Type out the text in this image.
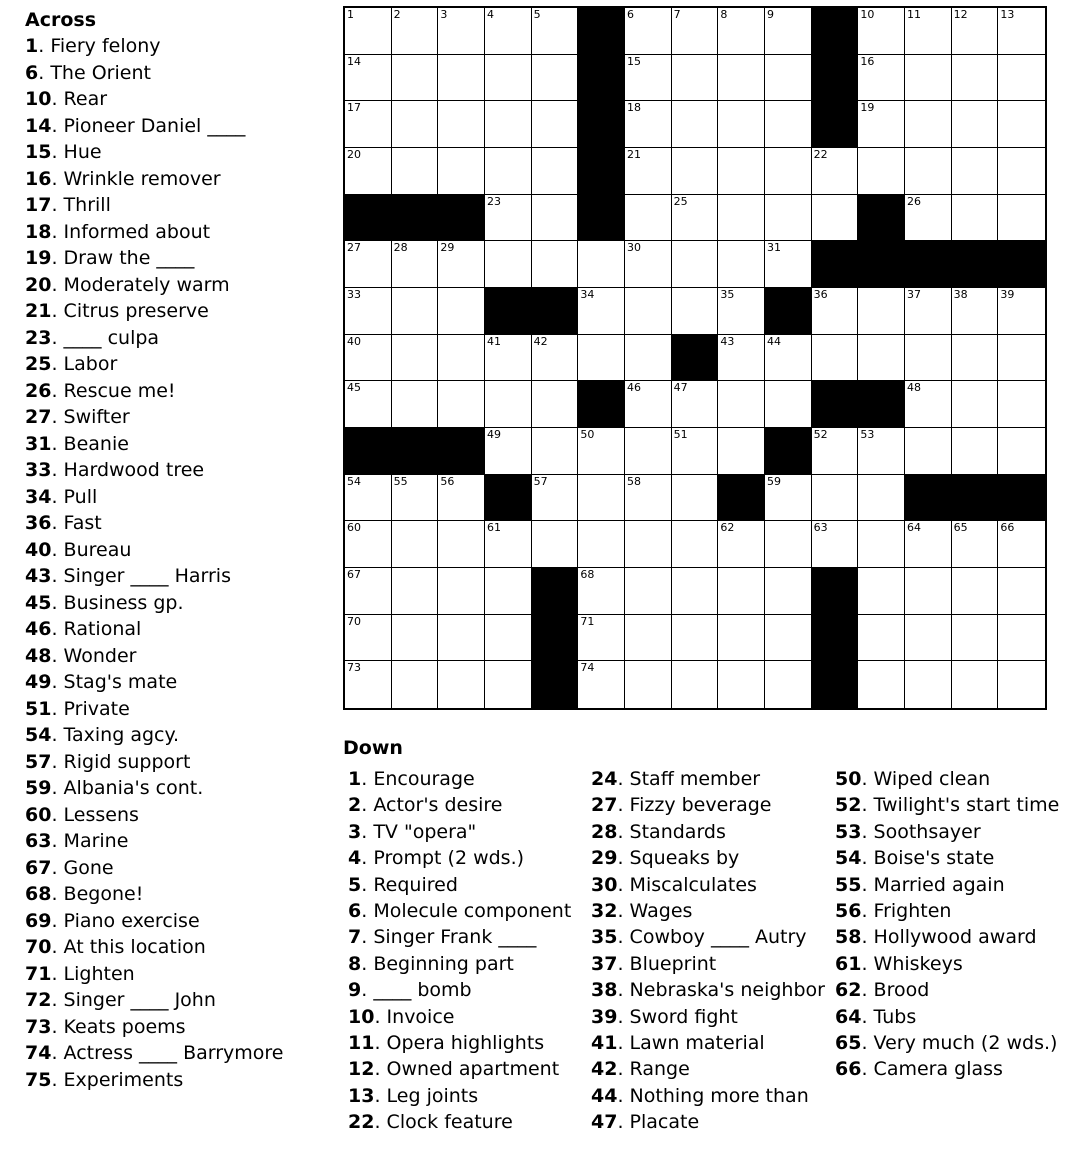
Across
1. Fiery felony
6. The Orient
10. Rear
14. Pioneer Daniel ____
15. Hue
16. Wrinkle remover
17. Thrill
18. Informed about
19. Draw the ____
20. Moderately warm
21. Citrus preserve
23. ____ culpa
25. Labor
26. Rescue me!
27. Swifter
31. Beanie
33. Hardwood tree
34. Pull
36. Fast
40. Bureau
43. Singer ____ Harris
45. Business gp.
46. Rational
48. Wonder
49. Stag's mate
51. Private
54. Taxing agcy.
57. Rigid support
59. Albania's cont.
60. Lessens
63. Marine
67. Gone
68. Begone!
69. Piano exercise
70. At this location
71. Lighten
72. Singer ____ John
73. Keats poems
74. Actress ____ Barrymore
75. Experiments
1	2	3	4	5	6	7	8	9	10	11	12	13
14	15	16
17	18	19
20	21	22
23	25	26
27	28	29	30	31
33	34	35	36	37	38	39
40	41	42	43	44
45	46	47	48
49	50	51	52	53
54	55	56	57	58	59
60	61	62	63	64	65	66
67	68
70	71
73	74
Down
1. Encourage
2. Actor's desire
3. TV "opera"
4. Prompt (2 wds.)
5. Required
6. Molecule component
7. Singer Frank ____
8. Beginning part
9. ____ bomb
10. Invoice
11. Opera highlights
12. Owned apartment
13. Leg joints
22. Clock feature
24. Staff member
27. Fizzy beverage
28. Standards
29. Squeaks by
30. Miscalculates
32. Wages
35. Cowboy ____ Autry
37. Blueprint
38. Nebraska's neighbor
39. Sword fight
41. Lawn material
42. Range
44. Nothing more than
47. Placate
50. Wiped clean
52. Twilight's start time
53. Soothsayer
54. Boise's state
55. Married again
56. Frighten
58. Hollywood award
61. Whiskeys
62. Brood
64. Tubs
65. Very much (2 wds.)
66. Camera glass
